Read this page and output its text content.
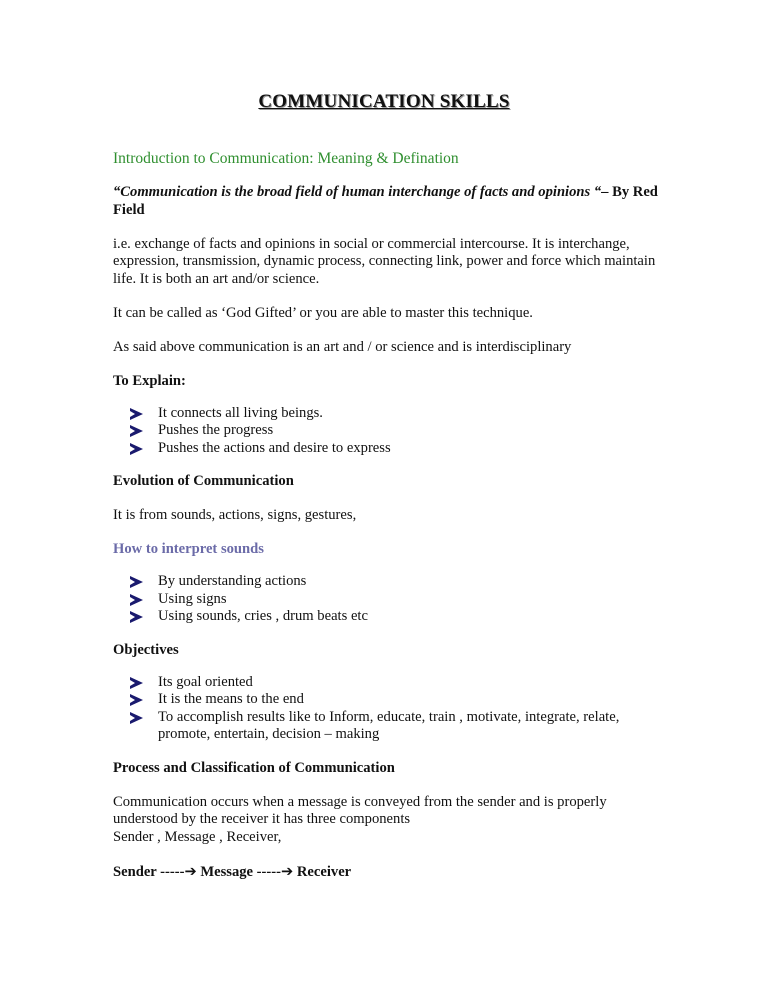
COMMUNICATION SKILLS

Introduction to Communication: Meaning & Defination

“Communication is the broad field of human interchange of facts and opinions “– By Red Field

i.e. exchange of facts and opinions in social or commercial intercourse. It is interchange, expression, transmission, dynamic process, connecting link, power and force which maintain life. It is both an art and/or science.

It can be called as ‘God Gifted’ or you are able to master this technique.

As said above communication is an art and / or science and is interdisciplinary

To Explain:

It connects all living beings.
Pushes the progress
Pushes the actions and desire to express

Evolution of Communication

It is from sounds, actions, signs, gestures,

How to interpret sounds

By understanding actions
Using signs
Using sounds, cries , drum beats etc

Objectives

Its goal oriented
It is the means to the end
To accomplish results like to Inform, educate, train , motivate, integrate, relate, promote, entertain, decision – making

Process and Classification of Communication

Communication occurs when a message is conveyed from the sender and is properly understood by the receiver it has three components
Sender , Message , Receiver,

Sender -----➔ Message -----➔ Receiver
